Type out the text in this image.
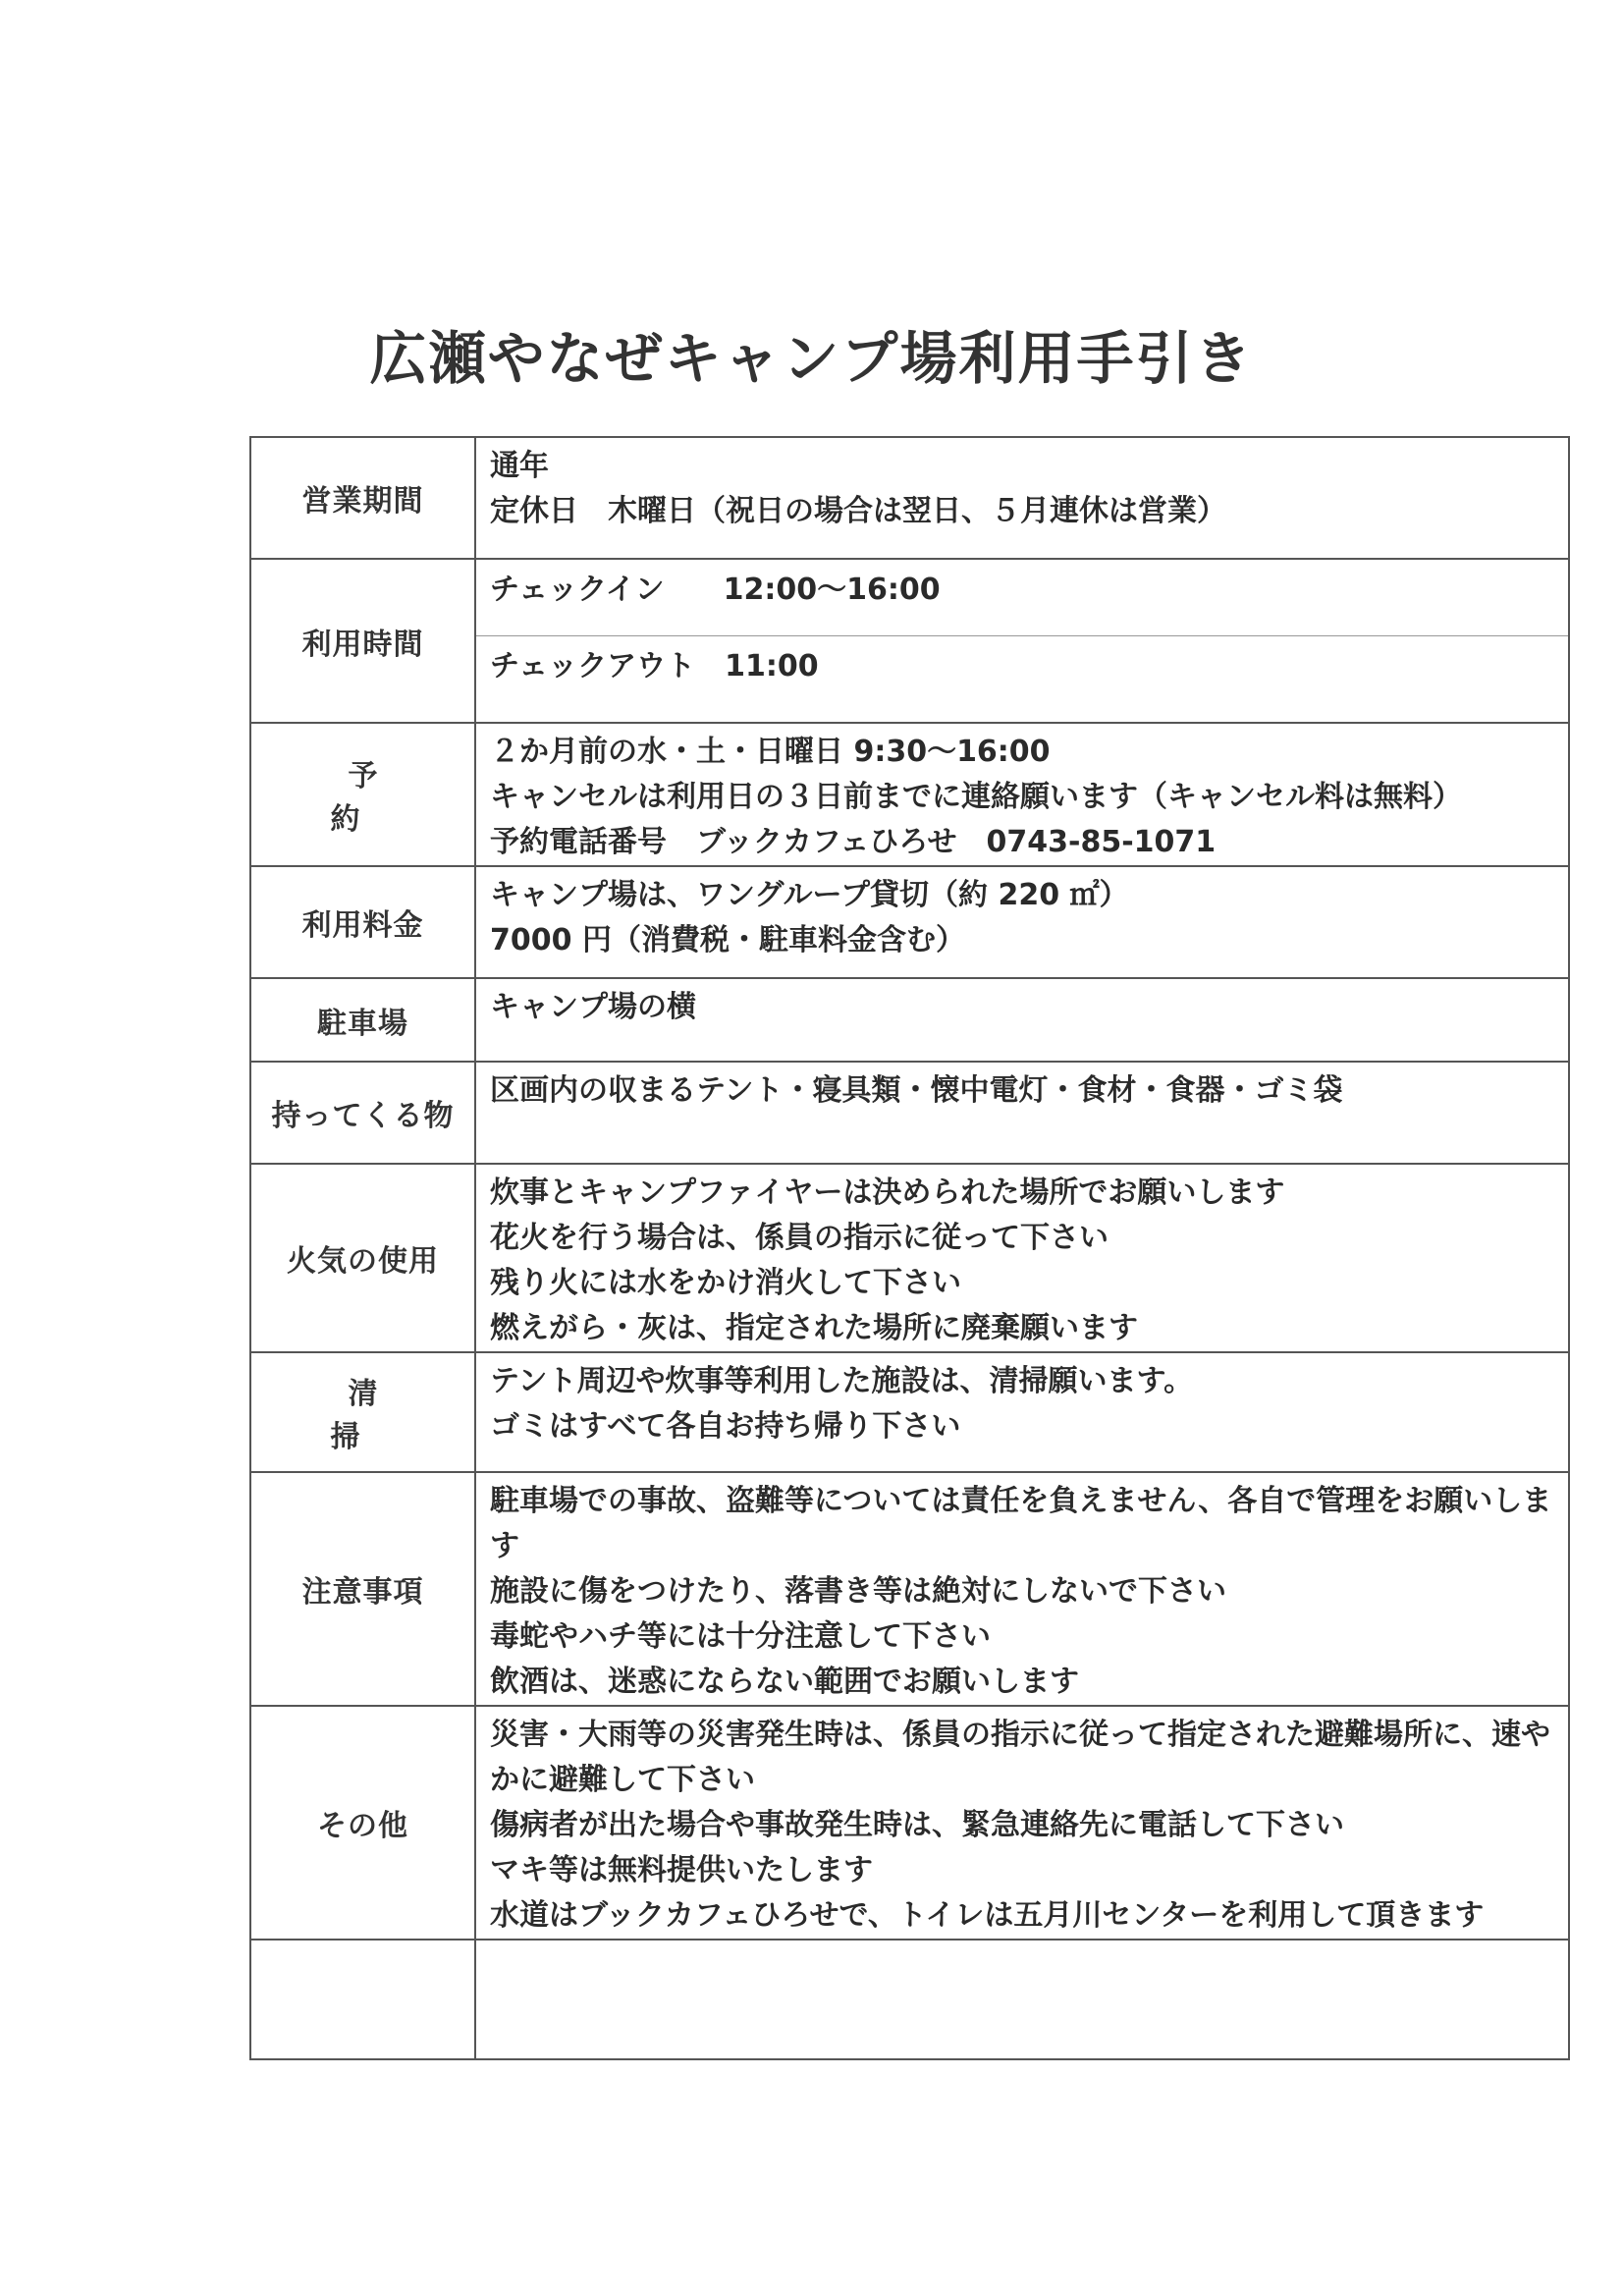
広瀬やなぜキャンプ場利用手引き
営業期間	通年
定休日　木曜日（祝日の場合は翌日、５月連休は営業）

利用時間	チェックイン　　12:00～16:00
チェックアウト　11:00

予　約	２か月前の水・土・日曜日 9:30～16:00
キャンセルは利用日の３日前までに連絡願います（キャンセル料は無料）
予約電話番号　ブックカフェひろせ　0743-85-1071

利用料金	キャンプ場は、ワングループ貸切（約 220 ㎡）
7000 円（消費税・駐車料金含む）

駐車場	キャンプ場の横

持ってくる物	区画内の収まるテント・寝具類・懐中電灯・食材・食器・ゴミ袋

火気の使用	炊事とキャンプファイヤーは決められた場所でお願いします
花火を行う場合は、係員の指示に従って下さい
残り火には水をかけ消火して下さい
燃えがら・灰は、指定された場所に廃棄願います

清　掃	テント周辺や炊事等利用した施設は、清掃願います。
ゴミはすべて各自お持ち帰り下さい

注意事項	駐車場での事故、盗難等については責任を負えません、各自で管理をお願いします
施設に傷をつけたり、落書き等は絶対にしないで下さい
毒蛇やハチ等には十分注意して下さい
飲酒は、迷惑にならない範囲でお願いします

その他	災害・大雨等の災害発生時は、係員の指示に従って指定された避難場所に、速やかに避難して下さい
傷病者が出た場合や事故発生時は、緊急連絡先に電話して下さい
マキ等は無料提供いたします
水道はブックカフェひろせで、トイレは五月川センターを利用して頂きます
